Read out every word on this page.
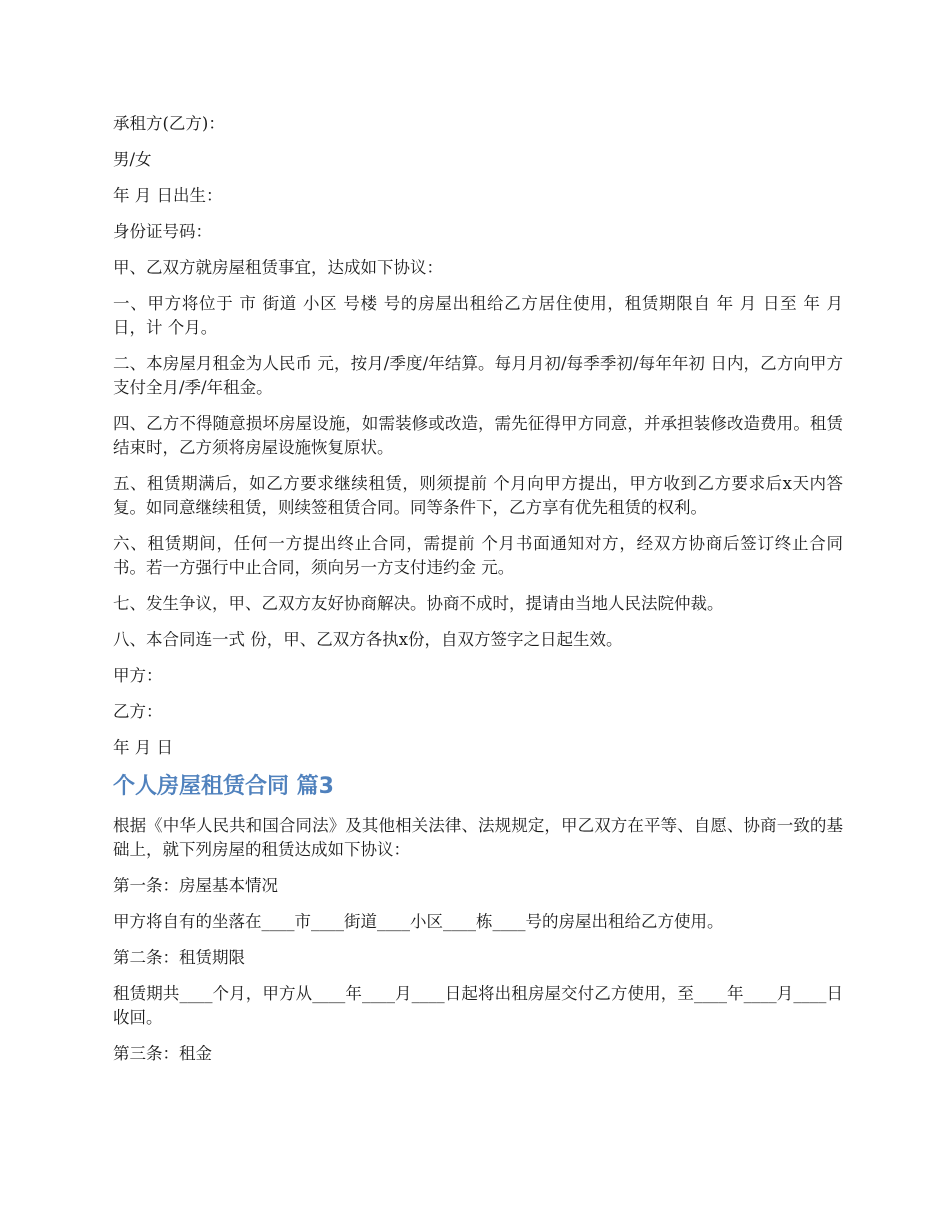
承租方(乙方)：

男/女

年 月 日出生：

身份证号码：

甲、乙双方就房屋租赁事宜，达成如下协议：

一、甲方将位于 市 街道 小区 号楼 号的房屋出租给乙方居住使用，租赁期限自 年 月 日至 年 月 日，计 个月。

二、本房屋月租金为人民币 元，按月/季度/年结算。每月月初/每季季初/每年年初 日内，乙方向甲方支付全月/季/年租金。

四、乙方不得随意损坏房屋设施，如需装修或改造，需先征得甲方同意，并承担装修改造费用。租赁结束时，乙方须将房屋设施恢复原状。

五、租赁期满后，如乙方要求继续租赁，则须提前 个月向甲方提出，甲方收到乙方要求后x天内答复。如同意继续租赁，则续签租赁合同。同等条件下，乙方享有优先租赁的权利。

六、租赁期间，任何一方提出终止合同，需提前 个月书面通知对方，经双方协商后签订终止合同书。若一方强行中止合同，须向另一方支付违约金 元。

七、发生争议，甲、乙双方友好协商解决。协商不成时，提请由当地人民法院仲裁。

八、本合同连一式 份，甲、乙双方各执x份，自双方签字之日起生效。

甲方：

乙方：

年 月 日

个人房屋租赁合同 篇3

根据《中华人民共和国合同法》及其他相关法律、法规规定，甲乙双方在平等、自愿、协商一致的基础上，就下列房屋的租赁达成如下协议：

第一条：房屋基本情况

甲方将自有的坐落在____市____街道____小区____栋____号的房屋出租给乙方使用。

第二条：租赁期限

租赁期共____个月，甲方从____年____月____日起将出租房屋交付乙方使用，至____年____月____日收回。

第三条：租金
